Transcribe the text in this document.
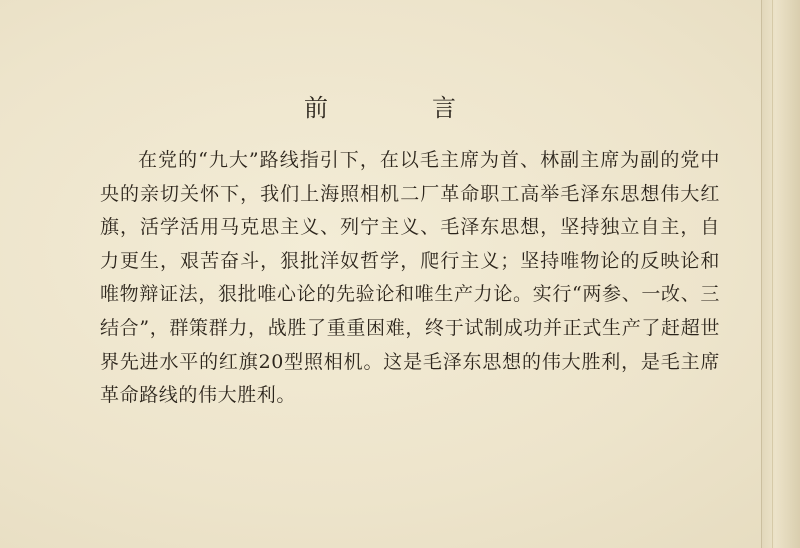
前　言

在党的“九大”路线指引下，在以毛主席为首、林副主席为副的党中央的亲切关怀下，我们上海照相机二厂革命职工高举毛泽东思想伟大红旗，活学活用马克思主义、列宁主义、毛泽东思想，坚持独立自主，自力更生，艰苦奋斗，狠批洋奴哲学，爬行主义；坚持唯物论的反映论和唯物辩证法，狠批唯心论的先验论和唯生产力论。实行“两参、一改、三结合”，群策群力，战胜了重重困难，终于试制成功并正式生产了赶超世界先进水平的红旗20型照相机。这是毛泽东思想的伟大胜利，是毛主席革命路线的伟大胜利。
